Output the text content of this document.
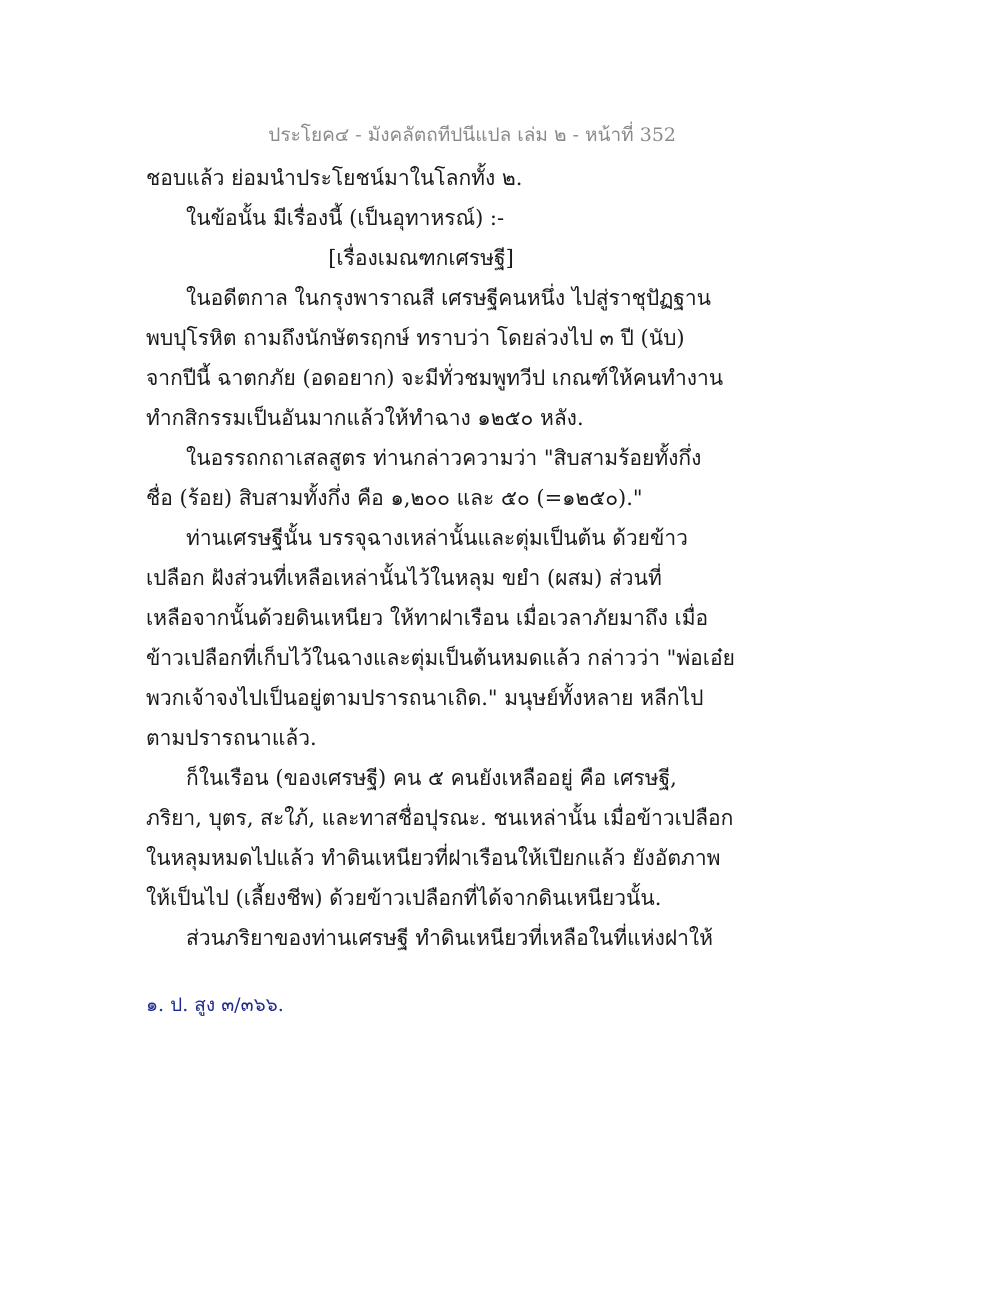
ประโยค๔ - มังคลัตถทีปนีแปล เล่ม ๒ - หน้าที่ 352
ชอบแล้ว ย่อมนำประโยชน์มาในโลกทั้ง ๒.
ในข้อนั้น มีเรื่องนี้ (เป็นอุทาหรณ์) :-
[เรื่องเมณฑกเศรษฐี]
ในอดีตกาล ในกรุงพาราณสี เศรษฐีคนหนึ่ง ไปสู่ราชุปัฏฐาน
พบปุโรหิต ถามถึงนักษัตรฤกษ์ ทราบว่า โดยล่วงไป ๓ ปี (นับ)
จากปีนี้ ฉาตกภัย (อดอยาก) จะมีทั่วชมพูทวีป เกณฑ์ให้คนทำงาน
ทำกสิกรรมเป็นอันมากแล้วให้ทำฉาง ๑๒๕๐ หลัง.
ในอรรถกถาเสลสูตร ท่านกล่าวความว่า "สิบสามร้อยทั้งกึ่ง
ชื่อ (ร้อย) สิบสามทั้งกึ่ง คือ ๑,๒๐๐ และ ๕๐ (=๑๒๕๐)."
ท่านเศรษฐีนั้น บรรจุฉางเหล่านั้นและตุ่มเป็นต้น ด้วยข้าว
เปลือก ฝังส่วนที่เหลือเหล่านั้นไว้ในหลุม ขยำ (ผสม) ส่วนที่
เหลือจากนั้นด้วยดินเหนียว ให้ทาฝาเรือน เมื่อเวลาภัยมาถึง เมื่อ
ข้าวเปลือกที่เก็บไว้ในฉางและตุ่มเป็นต้นหมดแล้ว กล่าวว่า "พ่อเอ๋ย
พวกเจ้าจงไปเป็นอยู่ตามปรารถนาเถิด." มนุษย์ทั้งหลาย หลีกไป
ตามปรารถนาแล้ว.
ก็ในเรือน (ของเศรษฐี) คน ๕ คนยังเหลืออยู่ คือ เศรษฐี,
ภริยา, บุตร, สะใภ้, และทาสชื่อปุรณะ. ชนเหล่านั้น เมื่อข้าวเปลือก
ในหลุมหมดไปแล้ว ทำดินเหนียวที่ฝาเรือนให้เปียกแล้ว ยังอัตภาพ
ให้เป็นไป (เลี้ยงชีพ) ด้วยข้าวเปลือกที่ได้จากดินเหนียวนั้น.
ส่วนภริยาของท่านเศรษฐี ทำดินเหนียวที่เหลือในที่แห่งฝาให้
๑. ป. สูง ๓/๓๖๖.
